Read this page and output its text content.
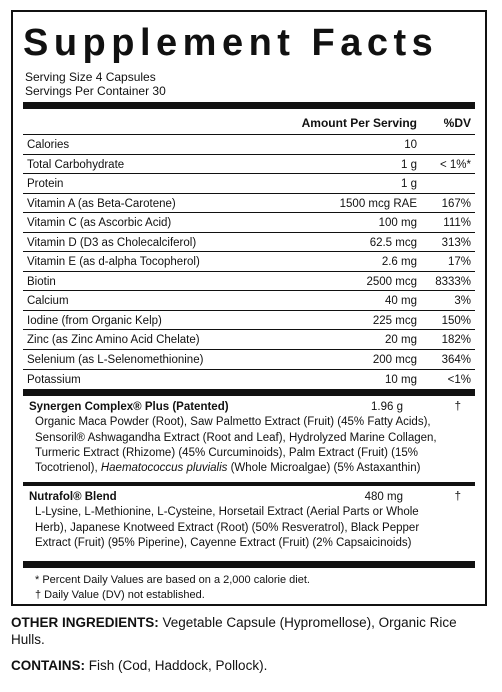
Supplement Facts
Serving Size 4 Capsules
Servings Per Container 30
Amount Per Serving %DV
Calories	10
Total Carbohydrate	1 g < 1%*
Protein	1 g
Vitamin A (as Beta-Carotene)	1500 mcg RAE 167%
Vitamin C (as Ascorbic Acid)	100 mg 111%
Vitamin D (D3 as Cholecalciferol)	62.5 mcg 313%
Vitamin E (as d-alpha Tocopherol)	2.6 mg	17%
Biotin	2500 mcg 8333%
Calcium	40 mg	3%
Iodine (from Organic Kelp)	225 mcg 150%
Zinc (as Zinc Amino Acid Chelate)	20 mg 182%
Selenium (as L-Selenomethionine)	200 mcg 364%
Potassium	10 mg	<1%
Synergen Complex® Plus (Patented)	1.96 g	†
Organic Maca Powder (Root), Saw Palmetto Extract (Fruit) (45% Fatty Acids),
Sensoril® Ashwagandha Extract (Root and Leaf), Hydrolyzed Marine Collagen,
Turmeric Extract (Rhizome) (45% Curcuminoids), Palm Extract (Fruit) (15%
Tocotrienol), Haematococcus pluvialis (Whole Microalgae) (5% Astaxanthin)
Nutrafol® Blend	480 mg	†
L-Lysine, L-Methionine, L-Cysteine, Horsetail Extract (Aerial Parts or Whole
Herb), Japanese Knotweed Extract (Root) (50% Resveratrol), Black Pepper
Extract (Fruit) (95% Piperine), Cayenne Extract (Fruit) (2% Capsaicinoids)
* Percent Daily Values are based on a 2,000 calorie diet.
† Daily Value (DV) not established.
OTHER INGREDIENTS: Vegetable Capsule (Hypromellose), Organic Rice Hulls.
CONTAINS: Fish (Cod, Haddock, Pollock).
